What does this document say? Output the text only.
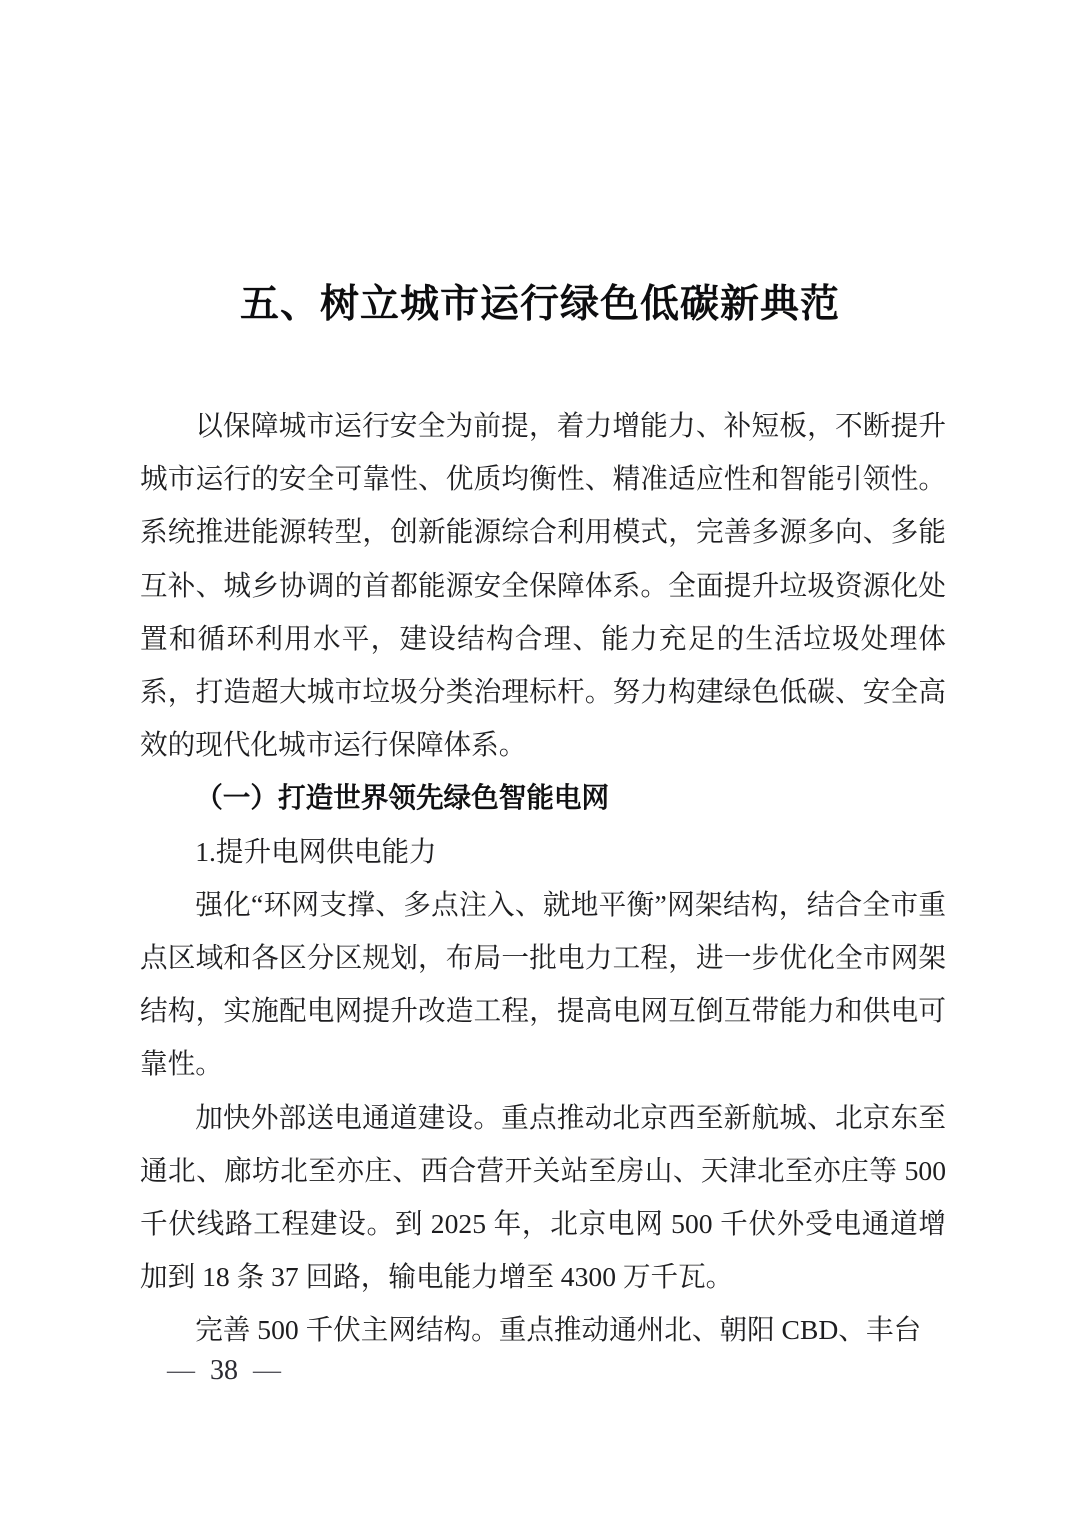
五、树立城市运行绿色低碳新典范

以保障城市运行安全为前提，着力增能力、补短板，不断提升城市运行的安全可靠性、优质均衡性、精准适应性和智能引领性。系统推进能源转型，创新能源综合利用模式，完善多源多向、多能互补、城乡协调的首都能源安全保障体系。全面提升垃圾资源化处置和循环利用水平，建设结构合理、能力充足的生活垃圾处理体系，打造超大城市垃圾分类治理标杆。努力构建绿色低碳、安全高效的现代化城市运行保障体系。

（一）打造世界领先绿色智能电网

1.提升电网供电能力

强化“环网支撑、多点注入、就地平衡”网架结构，结合全市重点区域和各区分区规划，布局一批电力工程，进一步优化全市网架结构，实施配电网提升改造工程，提高电网互倒互带能力和供电可靠性。

加快外部送电通道建设。重点推动北京西至新航城、北京东至通北、廊坊北至亦庄、西合营开关站至房山、天津北至亦庄等 500 千伏线路工程建设。到 2025 年，北京电网 500 千伏外受电通道增加到 18 条 37 回路，输电能力增至 4300 万千瓦。

完善 500 千伏主网结构。重点推动通州北、朝阳 CBD、丰台

— 38 —
